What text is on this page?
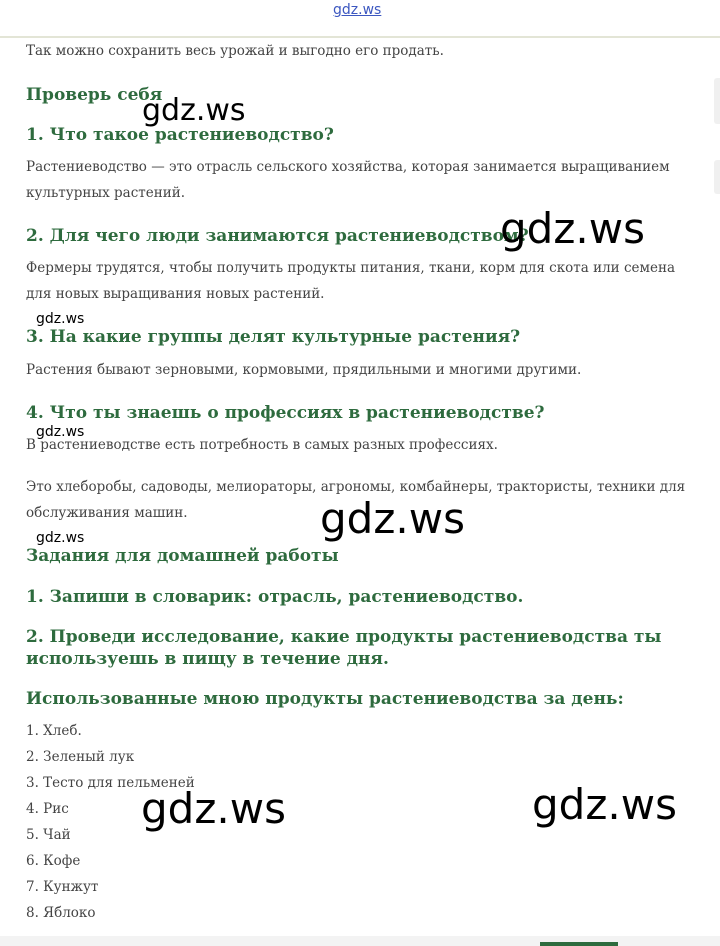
gdz.ws

Так можно сохранить весь урожай и выгодно его продать.

Проверь себя
1. Что такое растениеводство?

Растениеводство — это отрасль сельского хозяйства, которая занимается выращиванием культурных растений.

2. Для чего люди занимаются растениеводством?

Фермеры трудятся, чтобы получить продукты питания, ткани, корм для скота или семена для новых выращивания новых растений.

3. На какие группы делят культурные растения?

Растения бывают зерновыми, кормовыми, прядильными и многими другими.

4. Что ты знаешь о профессиях в растениеводстве?

В растениеводстве есть потребность в самых разных профессиях.

Это хлеборобы, садоводы, мелиораторы, агрономы, комбайнеры, трактористы, техники для обслуживания машин.

Задания для домашней работы
1. Запиши в словарик: отрасль, растениеводство.
2. Проведи исследование, какие продукты растениеводства ты используешь в пищу в течение дня.
Использованные мною продукты растениеводства за день:

1. Хлеб.

2. Зеленый лук

3. Тесто для пельменей

4. Рис

5. Чай

6. Кофе

7. Кунжут

8. Яблоко

gdz.ws
gdz.ws
gdz.ws
gdz.ws
gdz.ws
gdz.ws
gdz.ws	gdz.ws
